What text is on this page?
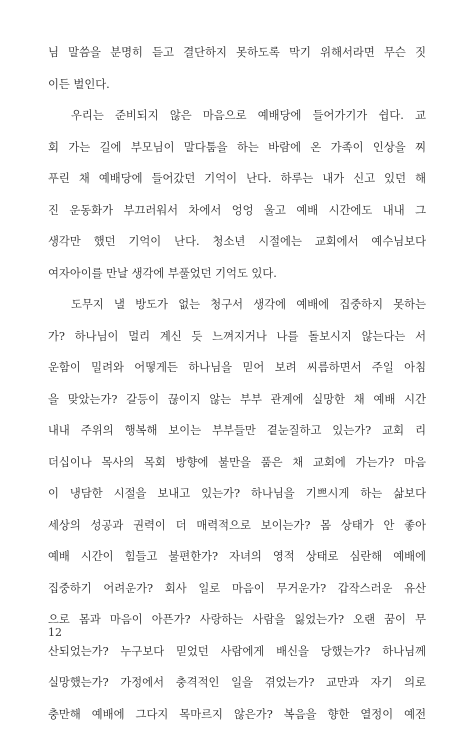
님 말씀을 분명히 듣고 결단하지 못하도록 막기 위해서라면 무슨 짓
이든 벌인다.
우리는 준비되지 않은 마음으로 예배당에 들어가기가 쉽다. 교
회 가는 길에 부모님이 말다툼을 하는 바람에 온 가족이 인상을 찌
푸린 채 예배당에 들어갔던 기억이 난다. 하루는 내가 신고 있던 해
진 운동화가 부끄러워서 차에서 엉엉 울고 예배 시간에도 내내 그
생각만 했던 기억이 난다. 청소년 시절에는 교회에서 예수님보다
여자아이를 만날 생각에 부풀었던 기억도 있다.
도무지 낼 방도가 없는 청구서 생각에 예배에 집중하지 못하는
가? 하나님이 멀리 계신 듯 느껴지거나 나를 돌보시지 않는다는 서
운함이 밀려와 어떻게든 하나님을 믿어 보려 씨름하면서 주일 아침
을 맞았는가? 갈등이 끊이지 않는 부부 관계에 실망한 채 예배 시간
내내 주위의 행복해 보이는 부부들만 곁눈질하고 있는가? 교회 리
더십이나 목사의 목회 방향에 불만을 품은 채 교회에 가는가? 마음
이 냉담한 시절을 보내고 있는가? 하나님을 기쁘시게 하는 삶보다
세상의 성공과 권력이 더 매력적으로 보이는가? 몸 상태가 안 좋아
예배 시간이 힘들고 불편한가? 자녀의 영적 상태로 심란해 예배에
집중하기 어려운가? 회사 일로 마음이 무거운가? 갑작스러운 유산
으로 몸과 마음이 아픈가? 사랑하는 사람을 잃었는가? 오랜 꿈이 무
산되었는가? 누구보다 믿었던 사람에게 배신을 당했는가? 하나님께
실망했는가? 가정에서 충격적인 일을 겪었는가? 교만과 자기 의로
충만해 예배에 그다지 목마르지 않은가? 복음을 향한 열정이 예전
12
